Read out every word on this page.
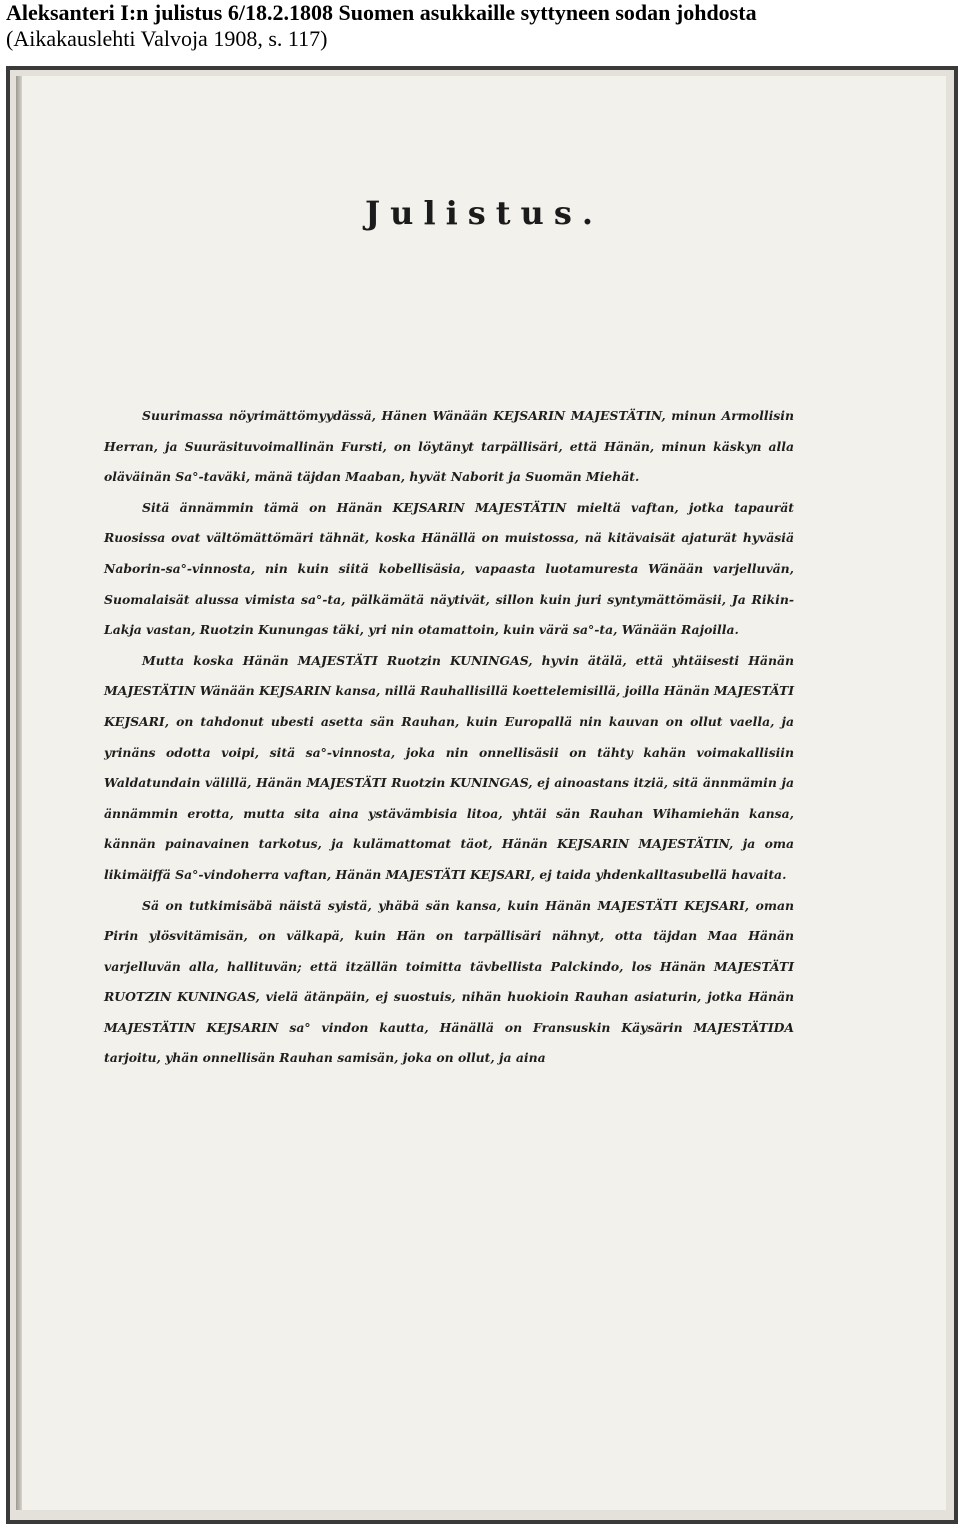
Aleksanteri I:n julistus 6/18.2.1808 Suomen asukkaille syttyneen sodan johdosta
(Aikakauslehti Valvoja 1908, s. 117)
Julistus.

Suurimassa nöyrimättömyydässä, Hänen Wänään KEJSARIN MAJESTÄTIN, minun Armollisin Herran, ja Suuräsituvoimallinän Fursti, on löytänyt tarpällisäri, että Hänän, minun käskyn alla oläväinän Sa°-taväki, mänä täjdan Maaban, hyvät Naborit ja Suomän Miehät.

Sitä ännämmin tämä on Hänän KEJSARIN MAJESTÄTIN mieltä vaftan, jotka tapaurät Ruosissa ovat vältömättömäri tähnät, koska Hänällä on muistossa, nä kitävaisät ajaturät hyväsiä Naborin-sa°-vinnosta, nin kuin siitä kobellisäsia, vapaasta luotamuresta Wänään varjelluvän, Suomalaisät alussa vimista sa°-ta, pälkämätä näytivät, sillon kuin juri syntymättömäsii, Ja Rikin-Lakja vastan, Ruotzin Kunungas täki, yri nin otamattoin, kuin värä sa°-ta, Wänään Rajoilla.

Mutta koska Hänän MAJESTÄTI Ruotzin KUNINGAS, hyvin ätälä, että yhtäisesti Hänän MAJESTÄTIN Wänään KEJSARIN kansa, nillä Rauhallisillä koettelemisillä, joilla Hänän MAJESTÄTI KEJSARI, on tahdonut ubesti asetta sän Rauhan, kuin Europallä nin kauvan on ollut vaella, ja yrinäns odotta voipi, sitä sa°-vinnosta, joka nin onnellisäsii on tähty kahän voimakallisiin Waldatundain välillä, Hänän MAJESTÄTI Ruotzin KUNINGAS, ej ainoastans itziä, sitä ännmämin ja ännämmin erotta, mutta sita aina ystävämbisia litoa, yhtäi sän Rauhan Wihamiehän kansa, kännän painavainen tarkotus, ja kulämattomat täot, Hänän KEJSARIN MAJESTÄTIN, ja oma likimäiffä Sa°-vindoherra vaftan, Hänän MAJESTÄTI KEJSARI, ej taida yhdenkalltasubellä havaita.

Sä on tutkimisäbä näistä syistä, yhäbä sän kansa, kuin Hänän MAJESTÄTI KEJSARI, oman Pirin ylösvitämisän, on välkapä, kuin Hän on tarpällisäri nähnyt, otta täjdan Maa Hänän varjelluvän alla, hallituvän; että itzällän toimitta tävbellista Palckindo, los Hänän MAJESTÄTI RUOTZIN KUNINGAS, vielä ätänpäin, ej suostuis, nihän huokioin Rauhan asiaturin, jotka Hänän MAJESTÄTIN KEJSARIN sa° vindon kautta, Hänällä on Fransuskin Käysärin MAJESTÄTIDA tarjoitu, yhän onnellisän Rauhan samisän, joka on ollut, ja aina
